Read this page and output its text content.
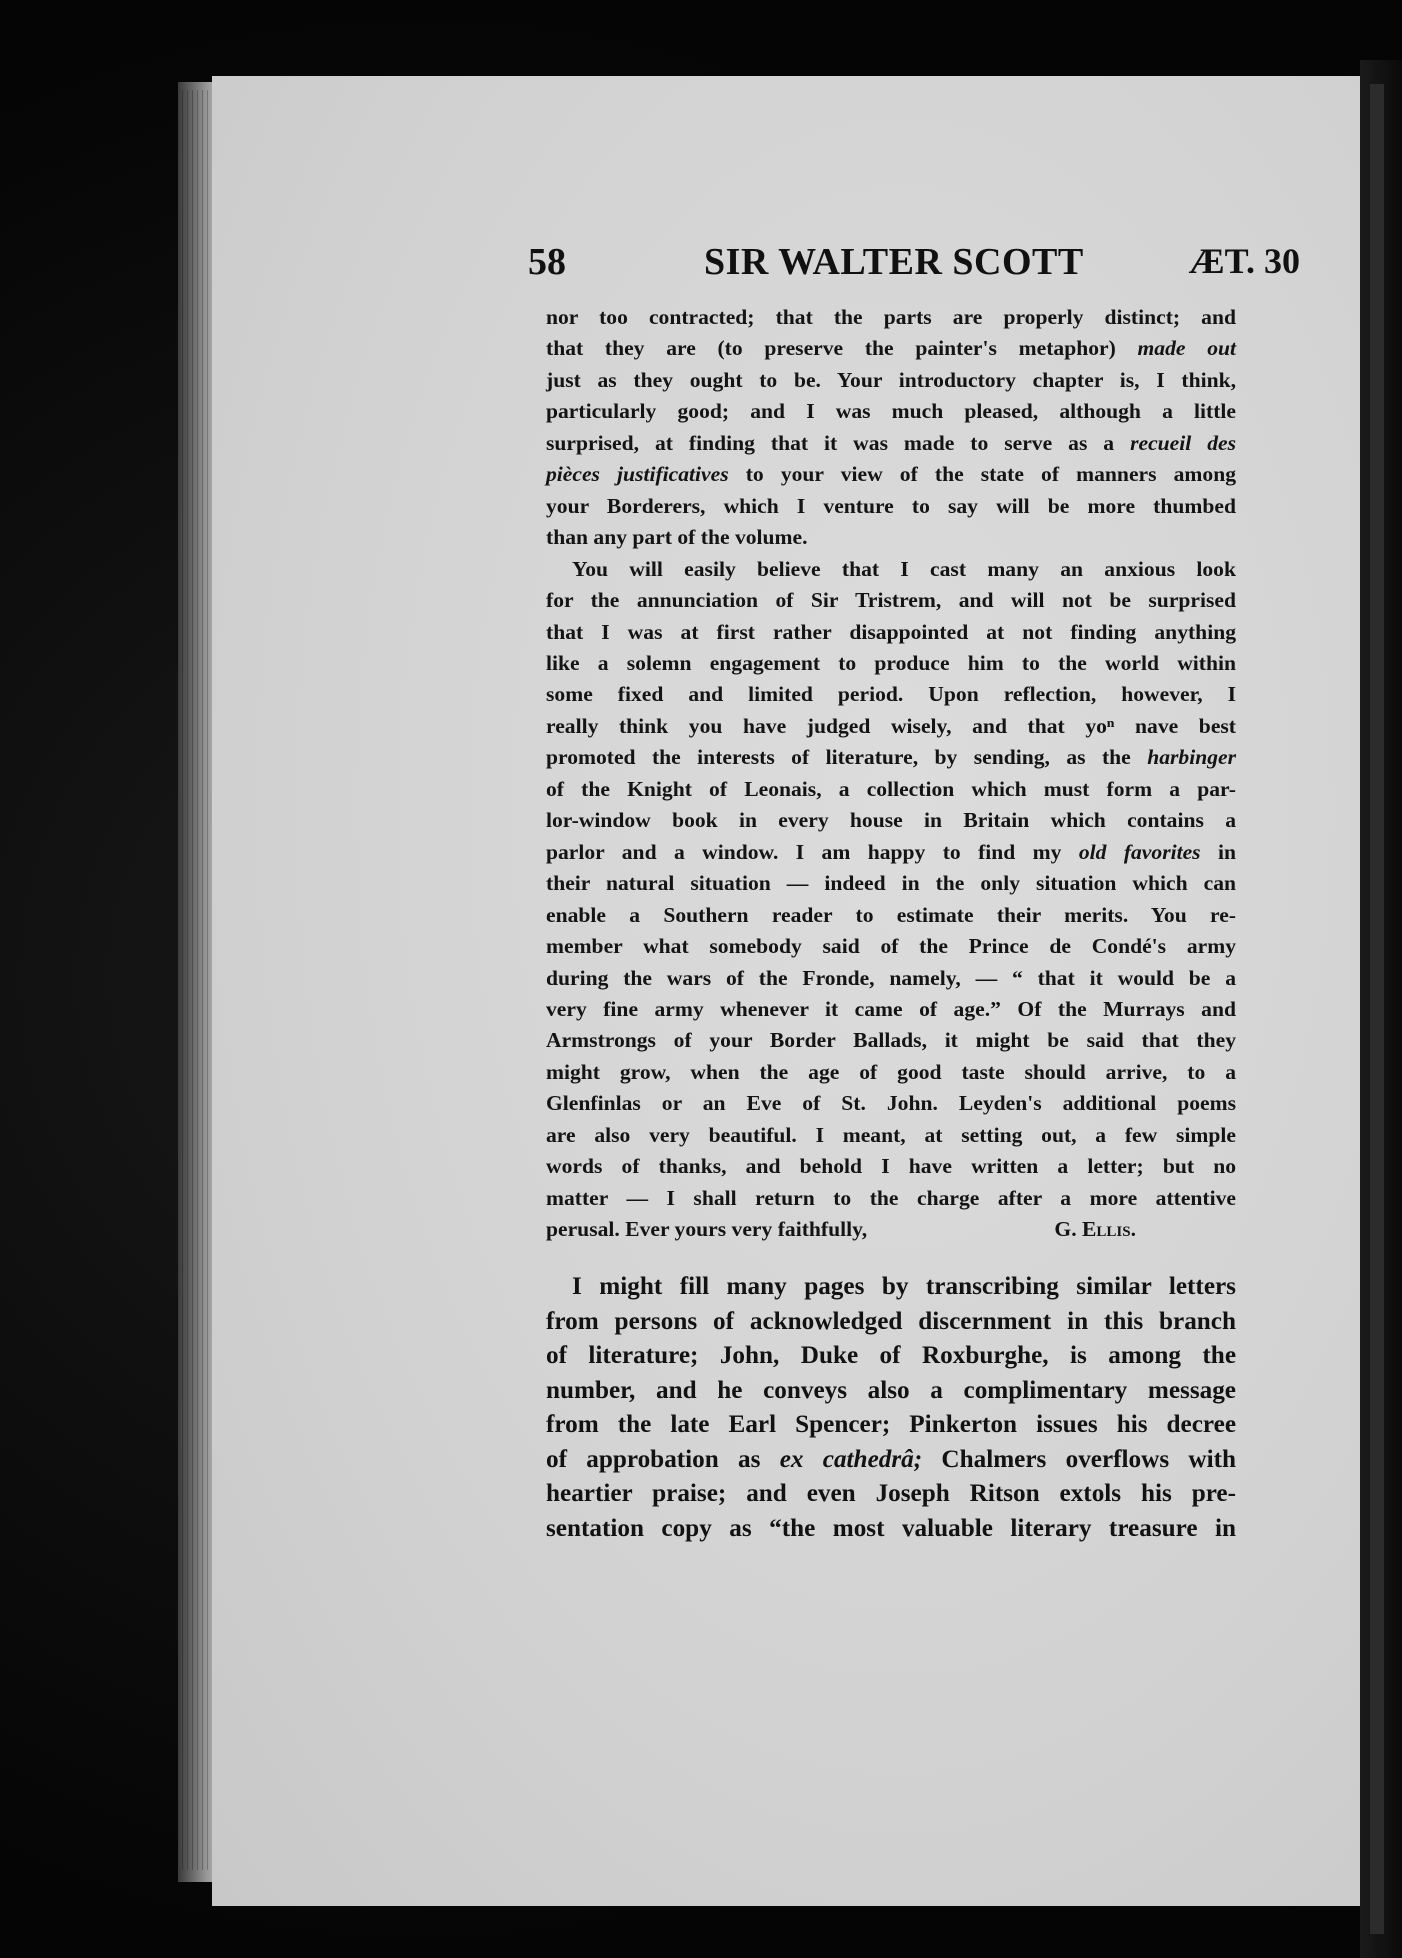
58	SIR WALTER SCOTT	ÆT. 30
nor too contracted; that the parts are properly distinct; and
that they are (to preserve the painter's metaphor) made out
just as they ought to be. Your introductory chapter is, I think,
particularly good; and I was much pleased, although a little
surprised, at finding that it was made to serve as a recueil des
pièces justificatives to your view of the state of manners among
your Borderers, which I venture to say will be more thumbed
than any part of the volume.
You will easily believe that I cast many an anxious look
for the annunciation of Sir Tristrem, and will not be surprised
that I was at first rather disappointed at not finding anything
like a solemn engagement to produce him to the world within
some fixed and limited period. Upon reflection, however, I
really think you have judged wisely, and that yoⁿ nave best
promoted the interests of literature, by sending, as the harbinger
of the Knight of Leonais, a collection which must form a par-
lor-window book in every house in Britain which contains a
parlor and a window. I am happy to find my old favorites in
their natural situation — indeed in the only situation which can
enable a Southern reader to estimate their merits. You re-
member what somebody said of the Prince de Condé's army
during the wars of the Fronde, namely, — “ that it would be a
very fine army whenever it came of age.” Of the Murrays and
Armstrongs of your Border Ballads, it might be said that they
might grow, when the age of good taste should arrive, to a
Glenfinlas or an Eve of St. John. Leyden's additional poems
are also very beautiful. I meant, at setting out, a few simple
words of thanks, and behold I have written a letter; but no
matter — I shall return to the charge after a more attentive
perusal. Ever yours very faithfully,	G. Ellis.
I might fill many pages by transcribing similar letters
from persons of acknowledged discernment in this branch
of literature; John, Duke of Roxburghe, is among the
number, and he conveys also a complimentary message
from the late Earl Spencer; Pinkerton issues his decree
of approbation as ex cathedrâ; Chalmers overflows with
heartier praise; and even Joseph Ritson extols his pre-
sentation copy as “the most valuable literary treasure in
